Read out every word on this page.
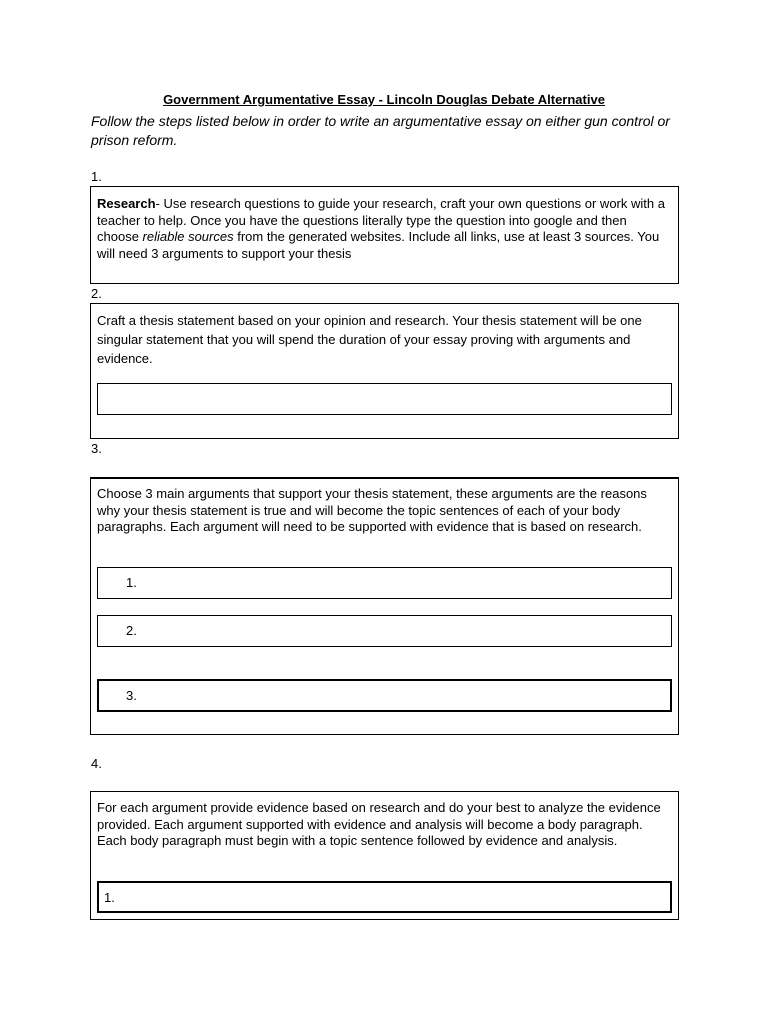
Government Argumentative Essay - Lincoln Douglas Debate Alternative
Follow the steps listed below in order to write an argumentative essay on either gun control or prison reform.
1.
Research- Use research questions to guide your research, craft your own questions or work with a teacher to help. Once you have the questions literally type the question into google and then choose reliable sources from the generated websites. Include all links, use at least 3 sources. You will need 3 arguments to support your thesis
2.
Craft a thesis statement based on your opinion and research. Your thesis statement will be one singular statement that you will spend the duration of your essay proving with arguments and evidence.
3.
Choose 3 main arguments that support your thesis statement, these arguments are the reasons why your thesis statement is true and will become the topic sentences of each of your body paragraphs. Each argument will need to be supported with evidence that is based on research.
1.
2.
3.
4.
For each argument provide evidence based on research and do your best to analyze the evidence provided. Each argument supported with evidence and analysis will become a body paragraph. Each body paragraph must begin with a topic sentence followed by evidence and analysis.
1.
